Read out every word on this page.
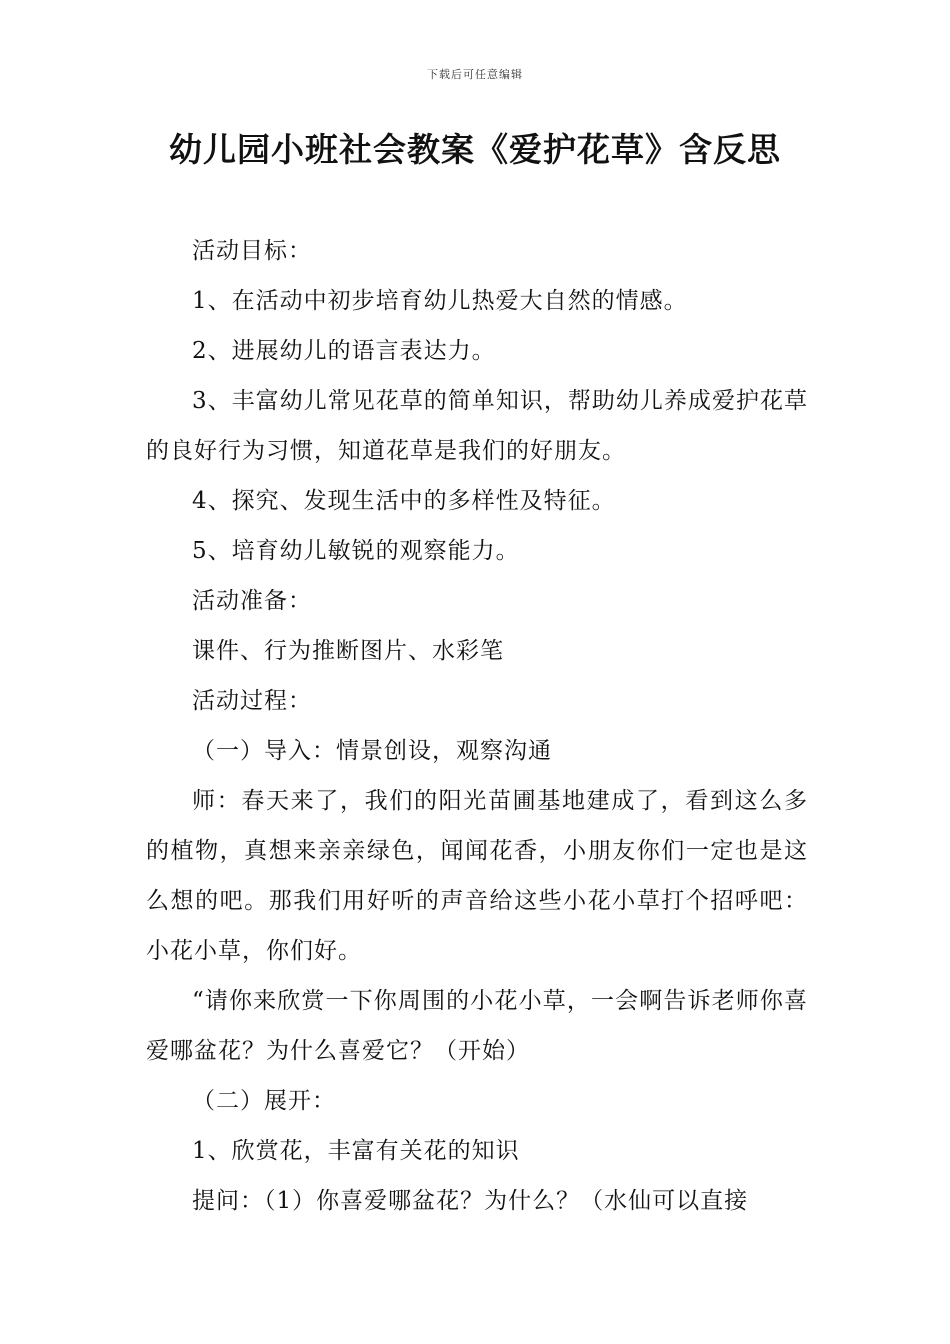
下载后可任意编辑
幼儿园小班社会教案《爱护花草》含反思

活动目标：

1、在活动中初步培育幼儿热爱大自然的情感。

2、进展幼儿的语言表达力。

3、丰富幼儿常见花草的简单知识，帮助幼儿养成爱护花草的良好行为习惯，知道花草是我们的好朋友。

4、探究、发现生活中的多样性及特征。

5、培育幼儿敏锐的观察能力。

活动准备：

课件、行为推断图片、水彩笔

活动过程：

（一）导入：情景创设，观察沟通

师：春天来了，我们的阳光苗圃基地建成了，看到这么多的植物，真想来亲亲绿色，闻闻花香，小朋友你们一定也是这么想的吧。那我们用好听的声音给这些小花小草打个招呼吧：小花小草，你们好。

“请你来欣赏一下你周围的小花小草，一会啊告诉老师你喜爱哪盆花？为什么喜爱它？（开始）

（二）展开：

1、欣赏花，丰富有关花的知识

提问：（1）你喜爱哪盆花？为什么？（水仙可以直接
